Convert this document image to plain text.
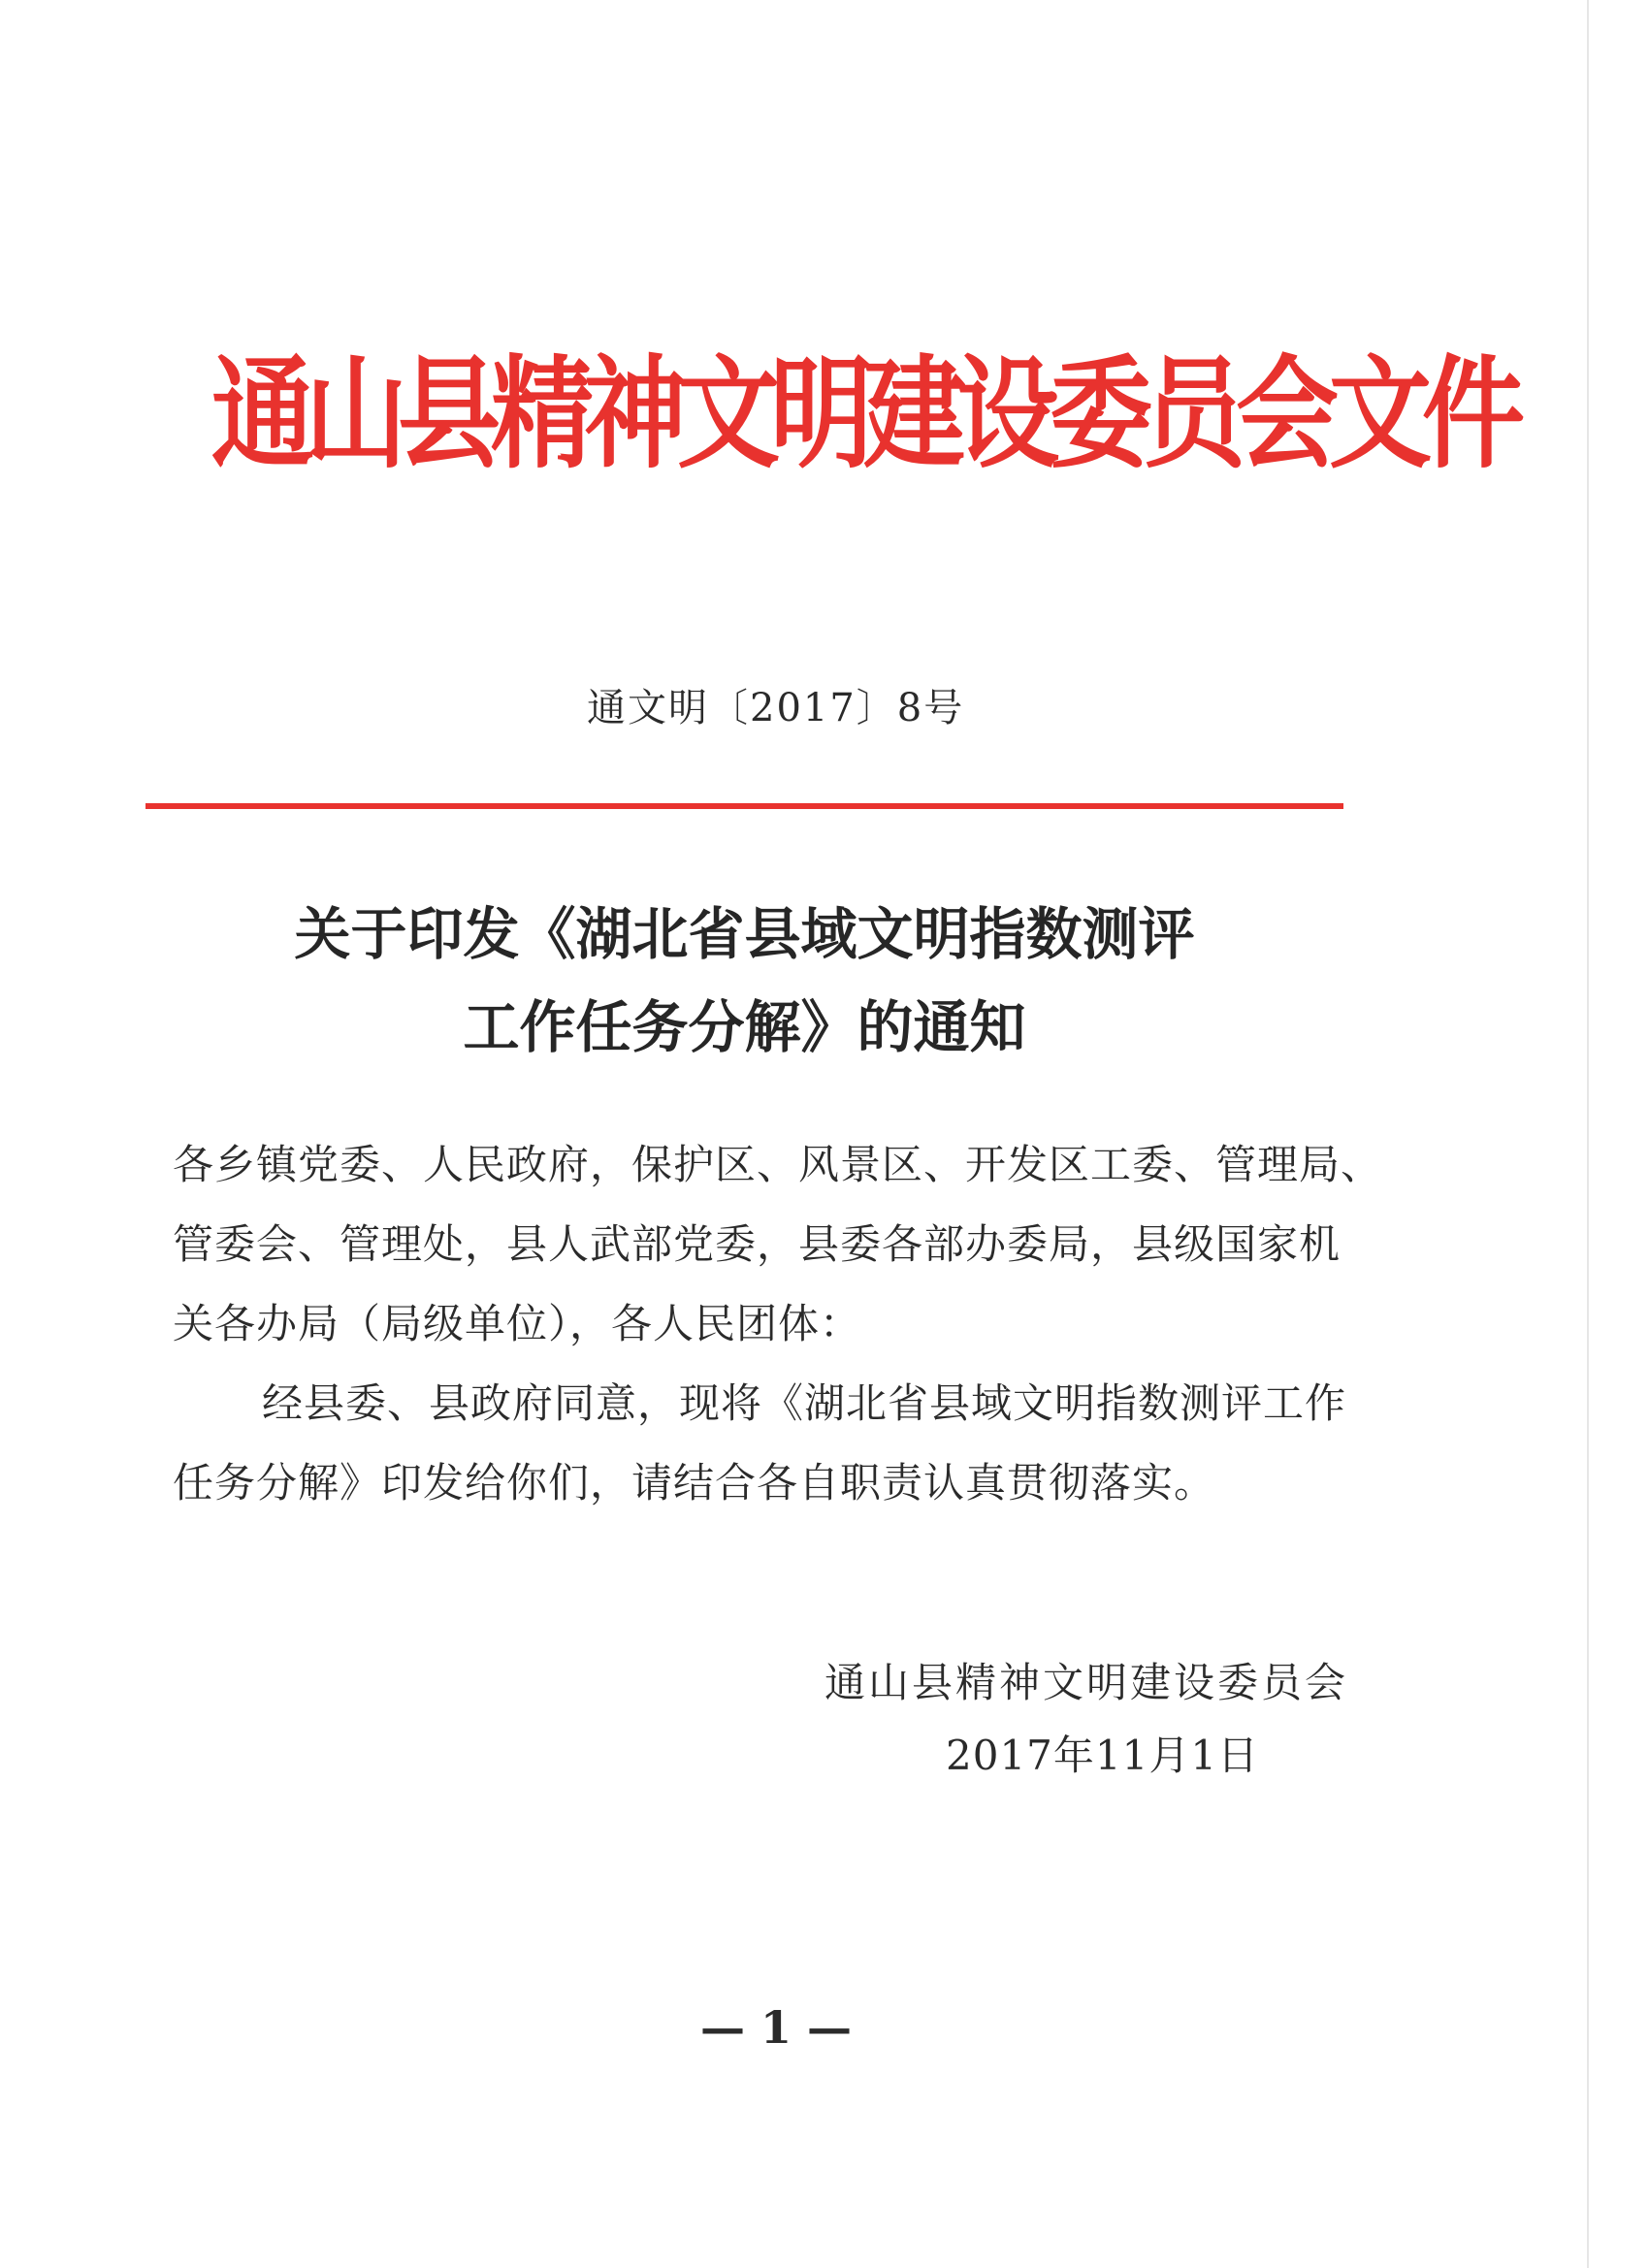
通山县精神文明建设委员会文件
通文明〔2017〕8号
关于印发《湖北省县域文明指数测评
工作任务分解》的通知
各乡镇党委、人民政府，保护区、风景区、开发区工委、管理局、
管委会、管理处，县人武部党委，县委各部办委局，县级国家机
关各办局（局级单位），各人民团体：
经县委、县政府同意，现将《湖北省县域文明指数测评工作
任务分解》印发给你们，请结合各自职责认真贯彻落实。
通山县精神文明建设委员会
2017年11月1日
— 1 —
